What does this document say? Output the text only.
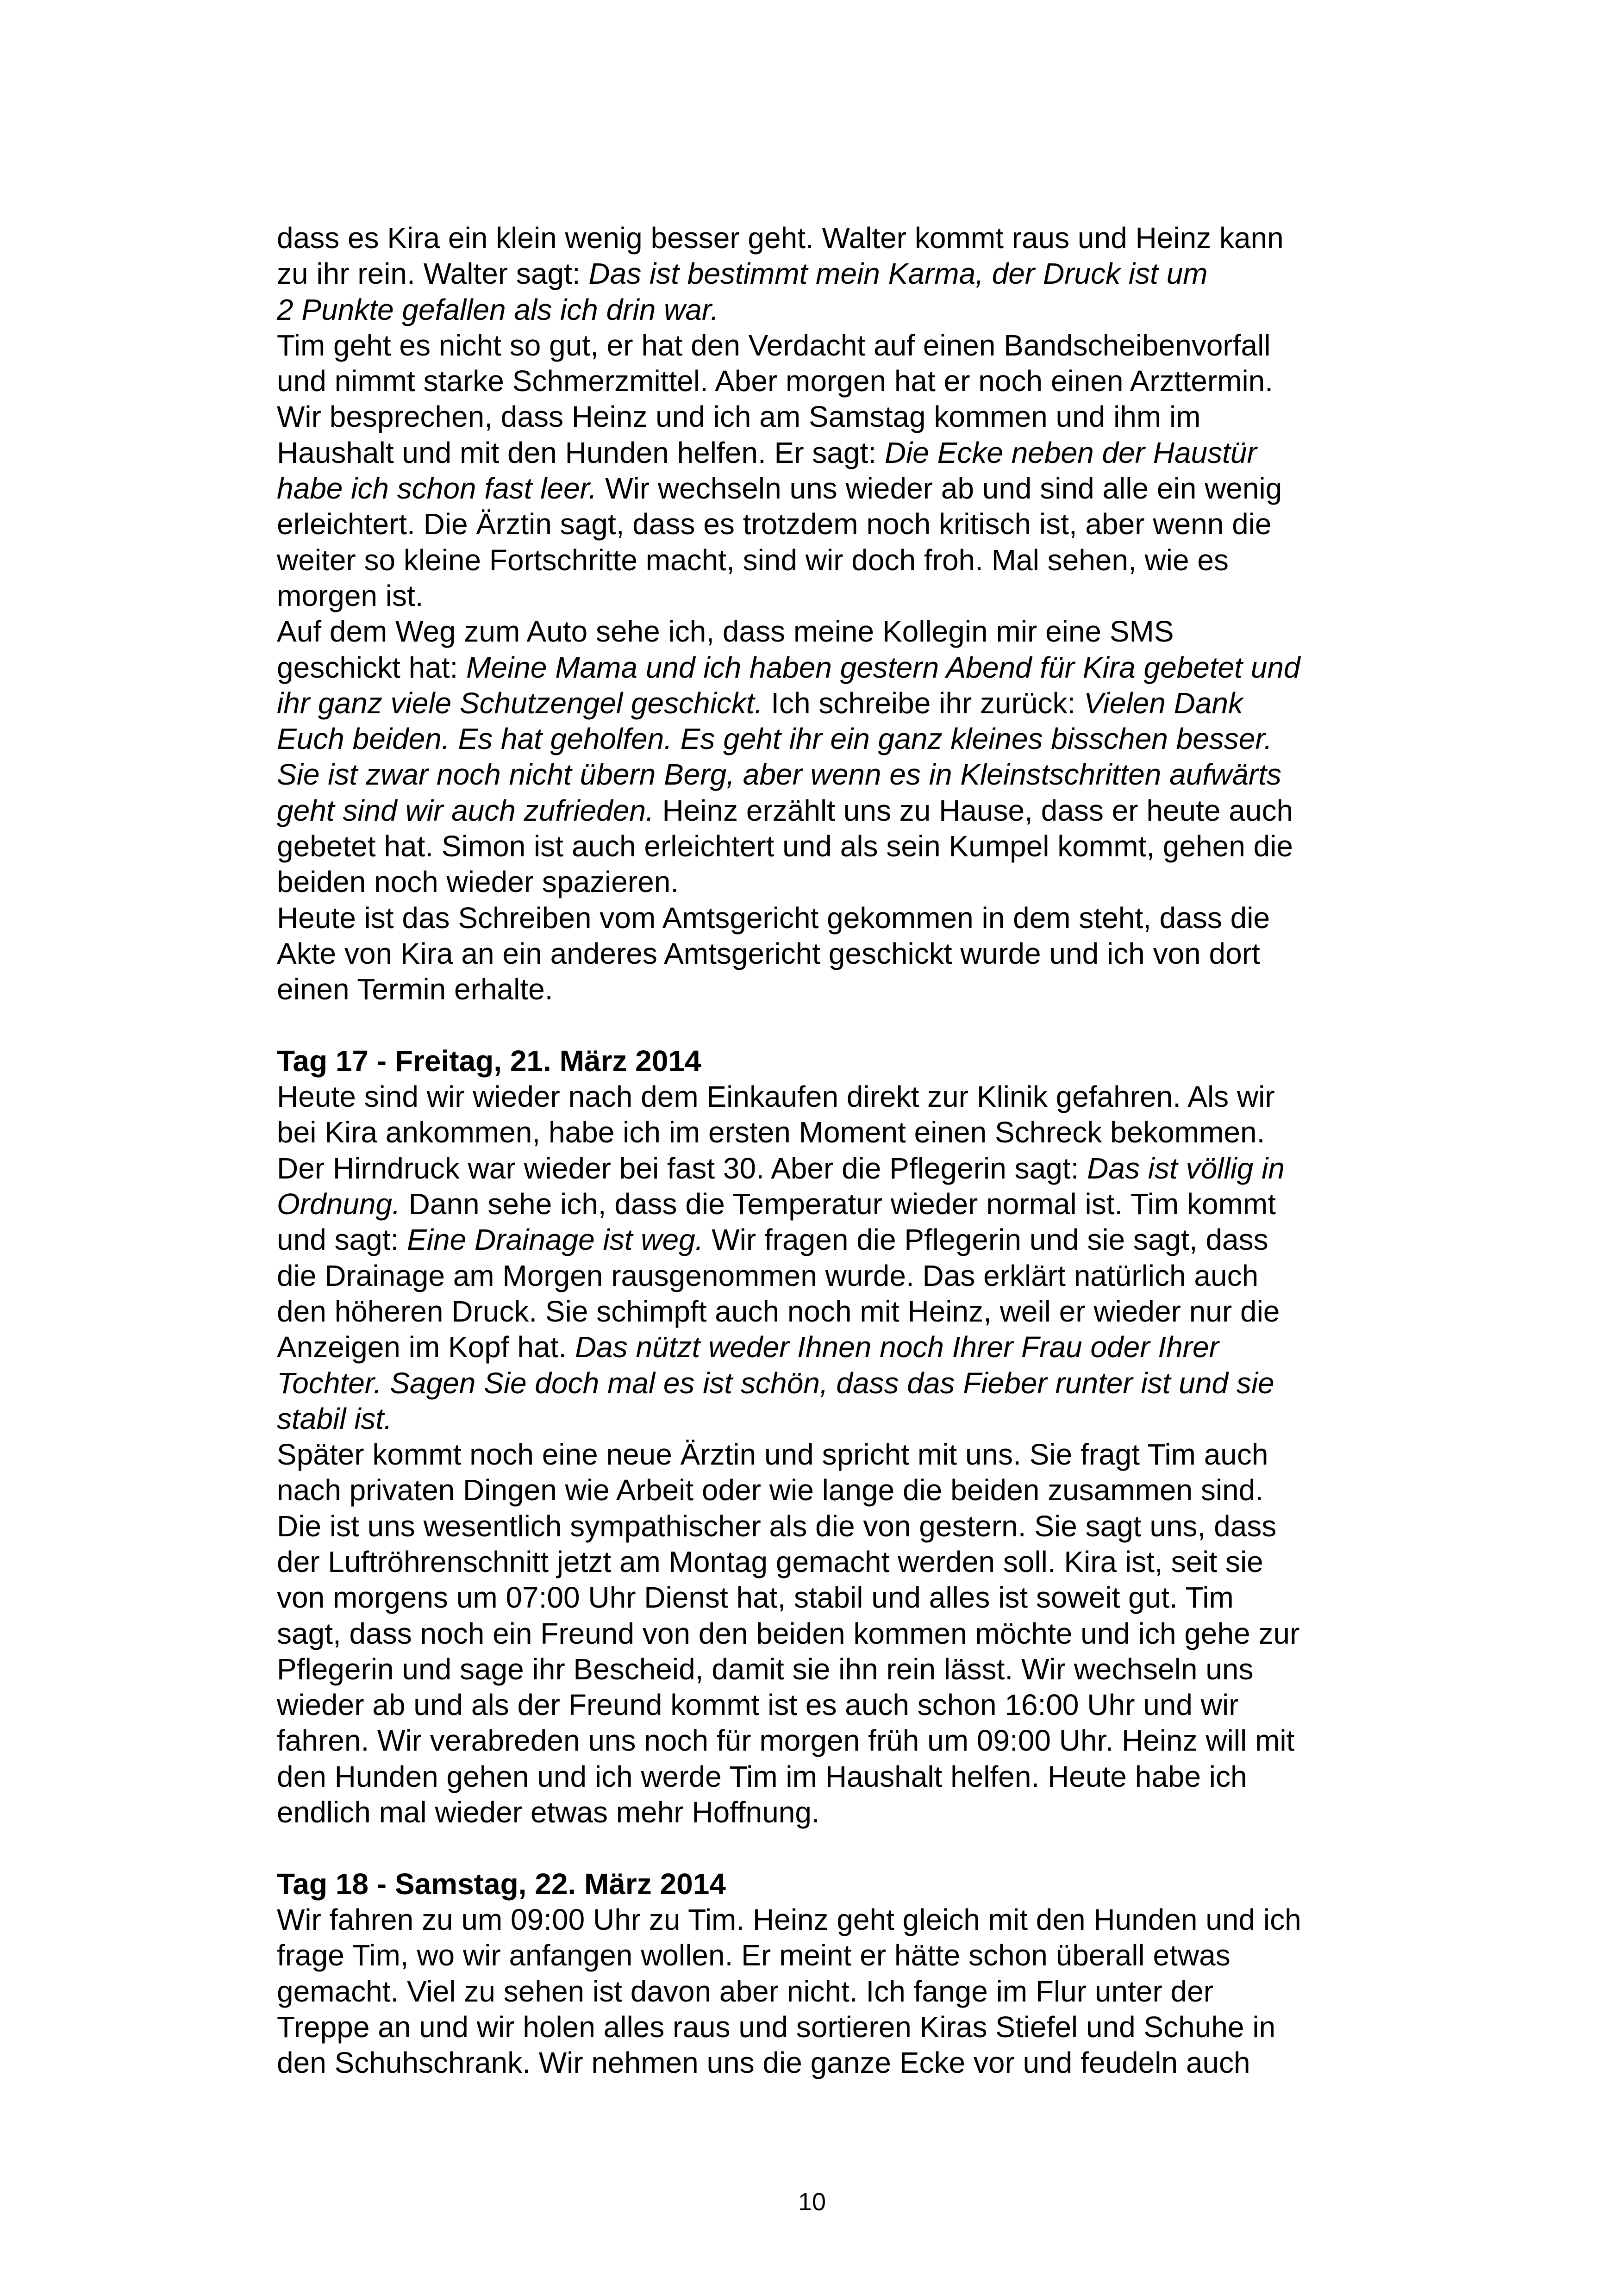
dass es Kira ein klein wenig besser geht. Walter kommt raus und Heinz kann
zu ihr rein. Walter sagt: Das ist bestimmt mein Karma, der Druck ist um
2 Punkte gefallen als ich drin war.
Tim geht es nicht so gut, er hat den Verdacht auf einen Bandscheibenvorfall
und nimmt starke Schmerzmittel. Aber morgen hat er noch einen Arzttermin.
Wir besprechen, dass Heinz und ich am Samstag kommen und ihm im
Haushalt und mit den Hunden helfen. Er sagt: Die Ecke neben der Haustür
habe ich schon fast leer. Wir wechseln uns wieder ab und sind alle ein wenig
erleichtert. Die Ärztin sagt, dass es trotzdem noch kritisch ist, aber wenn die
weiter so kleine Fortschritte macht, sind wir doch froh. Mal sehen, wie es
morgen ist.
Auf dem Weg zum Auto sehe ich, dass meine Kollegin mir eine SMS
geschickt hat: Meine Mama und ich haben gestern Abend für Kira gebetet und
ihr ganz viele Schutzengel geschickt. Ich schreibe ihr zurück: Vielen Dank
Euch beiden. Es hat geholfen. Es geht ihr ein ganz kleines bisschen besser.
Sie ist zwar noch nicht übern Berg, aber wenn es in Kleinstschritten aufwärts
geht sind wir auch zufrieden. Heinz erzählt uns zu Hause, dass er heute auch
gebetet hat. Simon ist auch erleichtert und als sein Kumpel kommt, gehen die
beiden noch wieder spazieren.
Heute ist das Schreiben vom Amtsgericht gekommen in dem steht, dass die
Akte von Kira an ein anderes Amtsgericht geschickt wurde und ich von dort
einen Termin erhalte.
Tag 17 - Freitag, 21. März 2014
Heute sind wir wieder nach dem Einkaufen direkt zur Klinik gefahren. Als wir
bei Kira ankommen, habe ich im ersten Moment einen Schreck bekommen.
Der Hirndruck war wieder bei fast 30. Aber die Pflegerin sagt: Das ist völlig in
Ordnung. Dann sehe ich, dass die Temperatur wieder normal ist. Tim kommt
und sagt: Eine Drainage ist weg. Wir fragen die Pflegerin und sie sagt, dass
die Drainage am Morgen rausgenommen wurde. Das erklärt natürlich auch
den höheren Druck. Sie schimpft auch noch mit Heinz, weil er wieder nur die
Anzeigen im Kopf hat. Das nützt weder Ihnen noch Ihrer Frau oder Ihrer
Tochter. Sagen Sie doch mal es ist schön, dass das Fieber runter ist und sie
stabil ist.
Später kommt noch eine neue Ärztin und spricht mit uns. Sie fragt Tim auch
nach privaten Dingen wie Arbeit oder wie lange die beiden zusammen sind.
Die ist uns wesentlich sympathischer als die von gestern. Sie sagt uns, dass
der Luftröhrenschnitt jetzt am Montag gemacht werden soll. Kira ist, seit sie
von morgens um 07:00 Uhr Dienst hat, stabil und alles ist soweit gut. Tim
sagt, dass noch ein Freund von den beiden kommen möchte und ich gehe zur
Pflegerin und sage ihr Bescheid, damit sie ihn rein lässt. Wir wechseln uns
wieder ab und als der Freund kommt ist es auch schon 16:00 Uhr und wir
fahren. Wir verabreden uns noch für morgen früh um 09:00 Uhr. Heinz will mit
den Hunden gehen und ich werde Tim im Haushalt helfen. Heute habe ich
endlich mal wieder etwas mehr Hoffnung.
Tag 18 - Samstag, 22. März 2014
Wir fahren zu um 09:00 Uhr zu Tim. Heinz geht gleich mit den Hunden und ich
frage Tim, wo wir anfangen wollen. Er meint er hätte schon überall etwas
gemacht. Viel zu sehen ist davon aber nicht. Ich fange im Flur unter der
Treppe an und wir holen alles raus und sortieren Kiras Stiefel und Schuhe in
den Schuhschrank. Wir nehmen uns die ganze Ecke vor und feudeln auch
10
